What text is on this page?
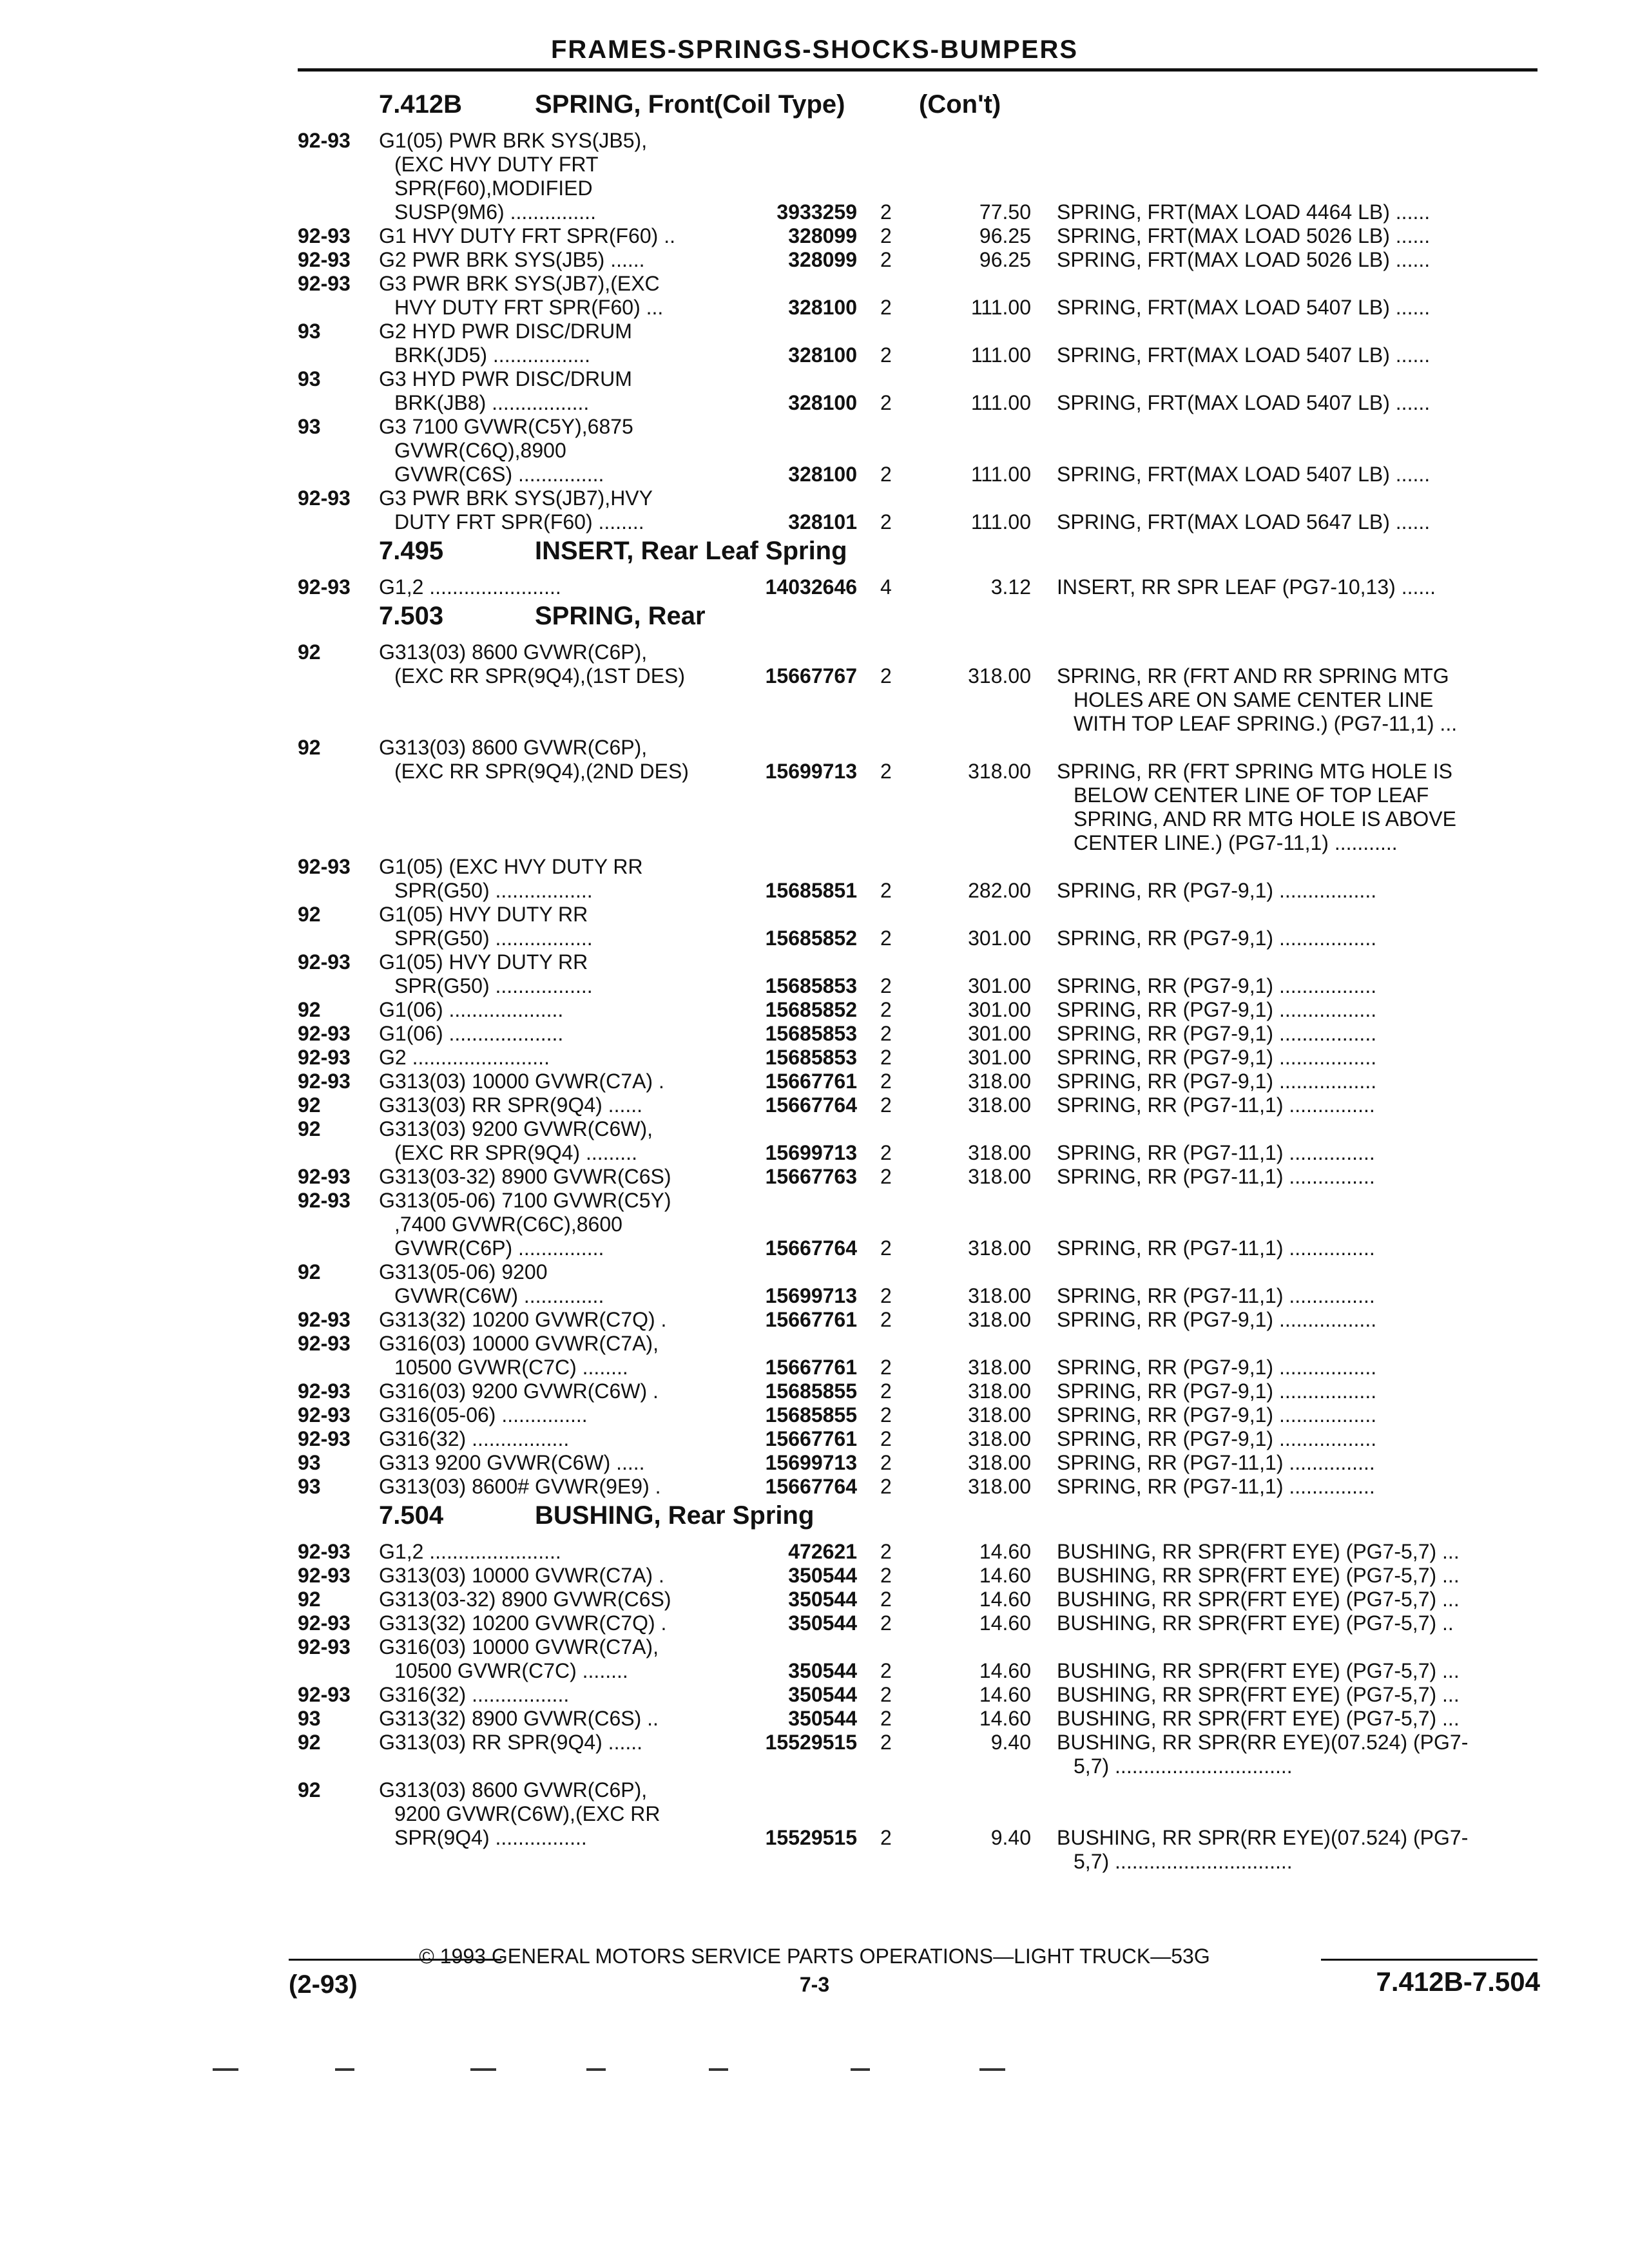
FRAMES-SPRINGS-SHOCKS-BUMPERS
7.412B	SPRING, Front(Coil Type)	(Con't)
92-93 G1(05) PWR BRK SYS(JB5),
(EXC HVY DUTY FRT
SPR(F60),MODIFIED
SUSP(9M6) ...............	3933259 2	77.50 SPRING, FRT(MAX LOAD 4464 LB) ......
92-93 G1 HVY DUTY FRT SPR(F60) ..	328099 2	96.25 SPRING, FRT(MAX LOAD 5026 LB) ......
92-93 G2 PWR BRK SYS(JB5) ......	328099 2	96.25 SPRING, FRT(MAX LOAD 5026 LB) ......
92-93 G3 PWR BRK SYS(JB7),(EXC
HVY DUTY FRT SPR(F60) ...	328100 2	111.00 SPRING, FRT(MAX LOAD 5407 LB) ......
93	G2 HYD PWR DISC/DRUM
BRK(JD5) .................	328100 2	111.00 SPRING, FRT(MAX LOAD 5407 LB) ......
93	G3 HYD PWR DISC/DRUM
BRK(JB8) .................	328100 2	111.00 SPRING, FRT(MAX LOAD 5407 LB) ......
93	G3 7100 GVWR(C5Y),6875
GVWR(C6Q),8900
GVWR(C6S) ...............	328100 2	111.00 SPRING, FRT(MAX LOAD 5407 LB) ......
92-93 G3 PWR BRK SYS(JB7),HVY
DUTY FRT SPR(F60) ........	328101 2	111.00 SPRING, FRT(MAX LOAD 5647 LB) ......
7.495	INSERT, Rear Leaf Spring
92-93 G1,2 .......................	14032646 4	3.12 INSERT, RR SPR LEAF (PG7-10,13) ......
7.503	SPRING, Rear
92	G313(03) 8600 GVWR(C6P),
(EXC RR SPR(9Q4),(1ST DES)	15667767 2	318.00 SPRING, RR (FRT AND RR SPRING MTG
HOLES ARE ON SAME CENTER LINE
WITH TOP LEAF SPRING.) (PG7-11,1) ...
92	G313(03) 8600 GVWR(C6P),
(EXC RR SPR(9Q4),(2ND DES)	15699713 2	318.00 SPRING, RR (FRT SPRING MTG HOLE IS
BELOW CENTER LINE OF TOP LEAF
SPRING, AND RR MTG HOLE IS ABOVE
CENTER LINE.) (PG7-11,1) ...........
92-93 G1(05) (EXC HVY DUTY RR
SPR(G50) .................	15685851 2	282.00 SPRING, RR (PG7-9,1) .................
92	G1(05) HVY DUTY RR
SPR(G50) .................	15685852 2	301.00 SPRING, RR (PG7-9,1) .................
92-93 G1(05) HVY DUTY RR
SPR(G50) .................	15685853 2	301.00 SPRING, RR (PG7-9,1) .................
92	G1(06) ....................	15685852 2	301.00 SPRING, RR (PG7-9,1) .................
92-93 G1(06) ....................	15685853 2	301.00 SPRING, RR (PG7-9,1) .................
92-93 G2 ........................	15685853 2	301.00 SPRING, RR (PG7-9,1) .................
92-93 G313(03) 10000 GVWR(C7A) .	15667761 2	318.00 SPRING, RR (PG7-9,1) .................
92	G313(03) RR SPR(9Q4) ......	15667764 2	318.00 SPRING, RR (PG7-11,1) ...............
92	G313(03) 9200 GVWR(C6W),
(EXC RR SPR(9Q4) .........	15699713 2	318.00 SPRING, RR (PG7-11,1) ...............
92-93 G313(03-32) 8900 GVWR(C6S)	15667763 2	318.00 SPRING, RR (PG7-11,1) ...............
92-93 G313(05-06) 7100 GVWR(C5Y)
,7400 GVWR(C6C),8600
GVWR(C6P) ...............	15667764 2	318.00 SPRING, RR (PG7-11,1) ...............
92	G313(05-06) 9200
GVWR(C6W) ..............	15699713 2	318.00 SPRING, RR (PG7-11,1) ...............
92-93 G313(32) 10200 GVWR(C7Q) .	15667761 2	318.00 SPRING, RR (PG7-9,1) .................
92-93 G316(03) 10000 GVWR(C7A),
10500 GVWR(C7C) ........	15667761 2	318.00 SPRING, RR (PG7-9,1) .................
92-93 G316(03) 9200 GVWR(C6W) .	15685855 2	318.00 SPRING, RR (PG7-9,1) .................
92-93 G316(05-06) ...............	15685855 2	318.00 SPRING, RR (PG7-9,1) .................
92-93 G316(32) .................	15667761 2	318.00 SPRING, RR (PG7-9,1) .................
93	G313 9200 GVWR(C6W) .....	15699713 2	318.00 SPRING, RR (PG7-11,1) ...............
93	G313(03) 8600# GVWR(9E9) .	15667764 2	318.00 SPRING, RR (PG7-11,1) ...............
7.504	BUSHING, Rear Spring
92-93 G1,2 .......................	472621 2	14.60 BUSHING, RR SPR(FRT EYE) (PG7-5,7) ...
92-93 G313(03) 10000 GVWR(C7A) .	350544 2	14.60 BUSHING, RR SPR(FRT EYE) (PG7-5,7) ...
92	G313(03-32) 8900 GVWR(C6S)	350544 2	14.60 BUSHING, RR SPR(FRT EYE) (PG7-5,7) ...
92-93 G313(32) 10200 GVWR(C7Q) .	350544 2	14.60 BUSHING, RR SPR(FRT EYE) (PG7-5,7) ..
92-93 G316(03) 10000 GVWR(C7A),
10500 GVWR(C7C) ........	350544 2	14.60 BUSHING, RR SPR(FRT EYE) (PG7-5,7) ...
92-93 G316(32) .................	350544 2	14.60 BUSHING, RR SPR(FRT EYE) (PG7-5,7) ...
93	G313(32) 8900 GVWR(C6S) ..	350544 2	14.60 BUSHING, RR SPR(FRT EYE) (PG7-5,7) ...
92	G313(03) RR SPR(9Q4) ......	15529515 2	9.40 BUSHING, RR SPR(RR EYE)(07.524) (PG7-
5,7) ...............................
92	G313(03) 8600 GVWR(C6P),
9200 GVWR(C6W),(EXC RR
SPR(9Q4) ................	15529515 2	9.40 BUSHING, RR SPR(RR EYE)(07.524) (PG7-
5,7) ...............................
© 1993 GENERAL MOTORS SERVICE PARTS OPERATIONS—LIGHT TRUCK—53G
(2-93)	7-3	7.412B-7.504
